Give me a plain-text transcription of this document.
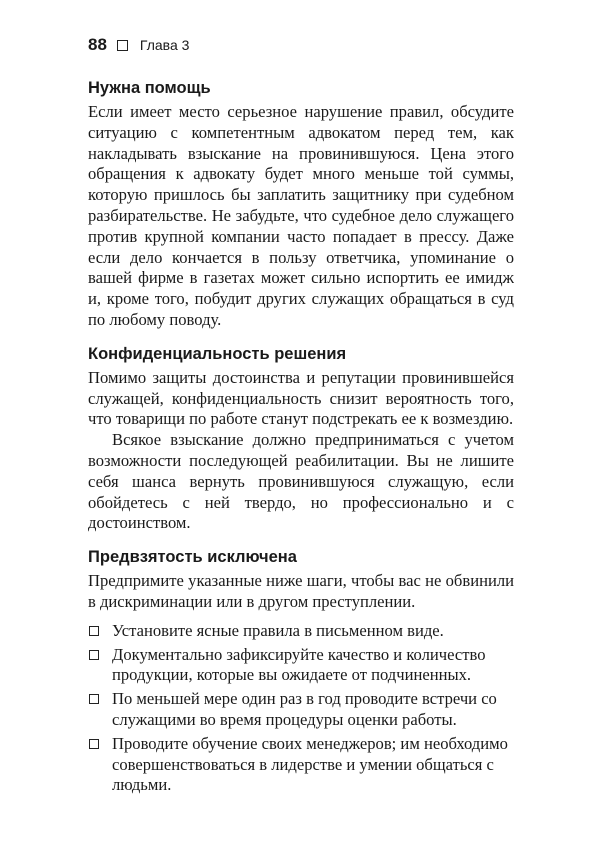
88 Глава 3
Нужна помощь

Если имеет место серьезное нарушение правил, обсудите ситуацию с компетентным адвокатом перед тем, как накладывать взыскание на провинившуюся. Цена этого обращения к адвокату будет много меньше той суммы, которую пришлось бы заплатить защитнику при судебном разбирательстве. Не забудьте, что судебное дело служащего против крупной компании часто попадает в прессу. Даже если дело кончается в пользу ответчика, упоминание о вашей фирме в газетах может сильно испортить ее имидж и, кроме того, побудит других служащих обращаться в суд по любому поводу.

Конфиденциальность решения

Помимо защиты достоинства и репутации провинившейся служащей, конфиденциальность снизит вероятность того, что товарищи по работе станут подстрекать ее к возмездию.

Всякое взыскание должно предприниматься с учетом возможности последующей реабилитации. Вы не лишите себя шанса вернуть провинившуюся служащую, если обойдетесь с ней твердо, но профессионально и с достоинством.

Предвзятость исключена

Предпримите указанные ниже шаги, чтобы вас не обвинили в дискриминации или в другом преступлении.

Установите ясные правила в письменном виде.
Документально зафиксируйте качество и количество продукции, которые вы ожидаете от подчиненных.
По меньшей мере один раз в год проводите встречи со служащими во время процедуры оценки работы.
Проводите обучение своих менеджеров; им необходимо совершенствоваться в лидерстве и умении общаться с людьми.
